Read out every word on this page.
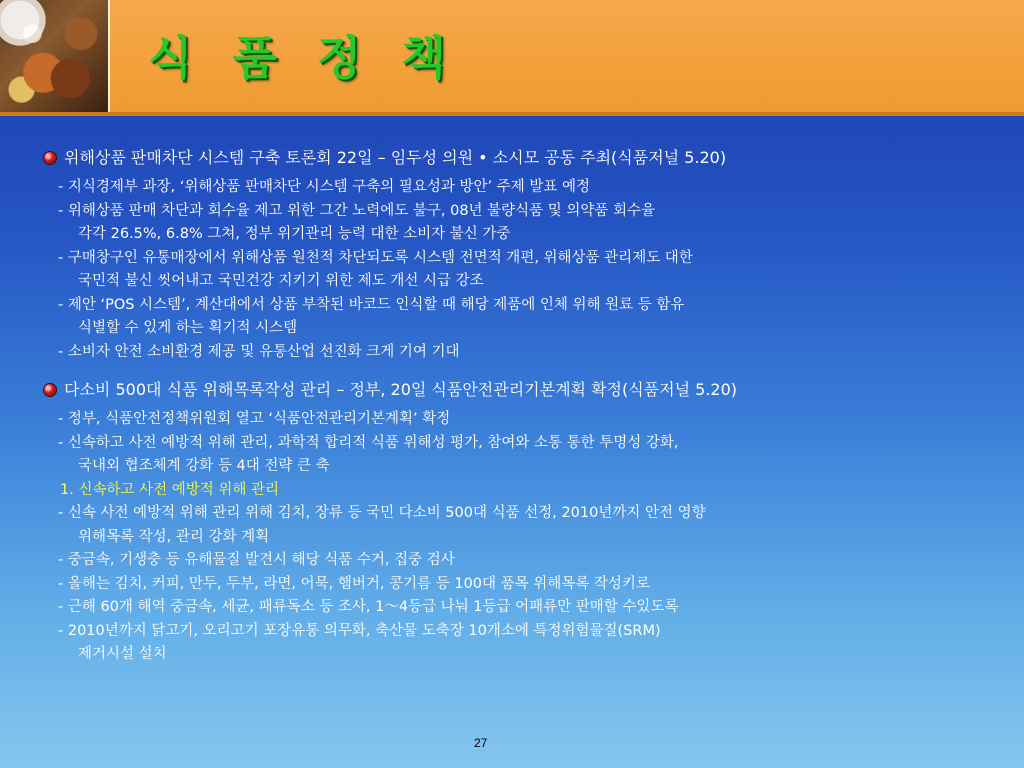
식 품 정 책
위해상품 판매차단 시스템 구축 토론회 22일 – 임두성 의원 • 소시모 공동 주최(식품저널 5.20)
- 지식경제부 과장, ‘위해상품 판매차단 시스템 구축의 필요성과 방안’ 주제 발표 예정
- 위해상품 판매 차단과 회수율 제고 위한 그간 노력에도 불구, 08년 불량식품 및 의약품 회수율
각각 26.5%, 6.8% 그쳐, 정부 위기관리 능력 대한 소비자 불신 가중
- 구매창구인 유통매장에서 위해상품 원천적 차단되도록 시스템 전면적 개편, 위해상품 관리제도 대한
국민적 불신 씻어내고 국민건강 지키기 위한 제도 개선 시급 강조
- 제안 ‘POS 시스템’, 계산대에서 상품 부착된 바코드 인식할 때 해당 제품에 인체 위해 원료 등 함유
식별할 수 있게 하는 획기적 시스템
- 소비자 안전 소비환경 제공 및 유통산업 선진화 크게 기여 기대
다소비 500대 식품 위해목록작성 관리 – 정부, 20일 식품안전관리기본계획 확정(식품저널 5.20)
- 정부, 식품안전정책위원회 열고 ‘식품안전관리기본계획’ 확정
- 신속하고 사전 예방적 위해 관리, 과학적 합리적 식품 위해성 평가, 참여와 소통 통한 투명성 강화,
국내외 협조체계 강화 등 4대 전략 큰 축
1. 신속하고 사전 예방적 위해 관리
- 신속 사전 예방적 위해 관리 위해 김치, 장류 등 국민 다소비 500대 식품 선정, 2010년까지 안전 영향
위해목록 작성, 관리 강화 계획
- 중금속, 기생충 등 유해물질 발견시 해당 식품 수거, 집중 검사
- 올해는 김치, 커피, 만두, 두부, 라면, 어묵, 햄버거, 콩기름 등 100대 품목 위해목록 작성키로
- 근해 60개 해역 중금속, 세균, 패류독소 등 조사, 1～4등급 나눠 1등급 어패류만 판매할 수있도록
- 2010년까지 닭고기, 오리고기 포장유통 의무화, 축산물 도축장 10개소에 특정위험물질(SRM)
제거시설 설치
27
